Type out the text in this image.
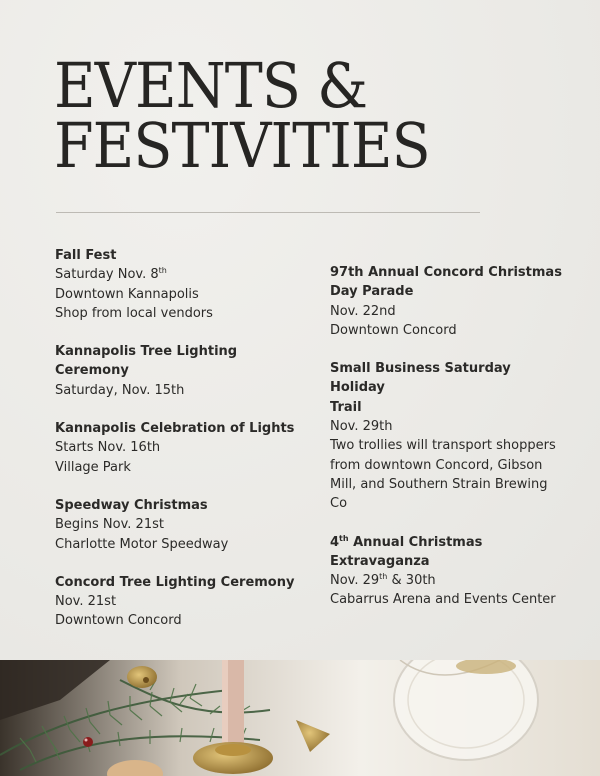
EVENTS &
FESTIVITIES
Fall Fest
Saturday Nov. 8th
Downtown Kannapolis
Shop from local vendors
Kannapolis Tree Lighting
Ceremony
Saturday, Nov. 15th
Kannapolis Celebration of Lights
Starts Nov. 16th
Village Park
Speedway Christmas
Begins Nov. 21st
Charlotte Motor Speedway
Concord Tree Lighting Ceremony
Nov. 21st
Downtown Concord
97th Annual Concord Christmas
Day Parade
Nov. 22nd
Downtown Concord
Small Business Saturday Holiday
Trail
Nov. 29th
Two trollies will transport shoppers
from downtown Concord, Gibson
Mill, and Southern Strain Brewing
Co
4th Annual Christmas
Extravaganza
Nov. 29th & 30th
Cabarrus Arena and Events Center
